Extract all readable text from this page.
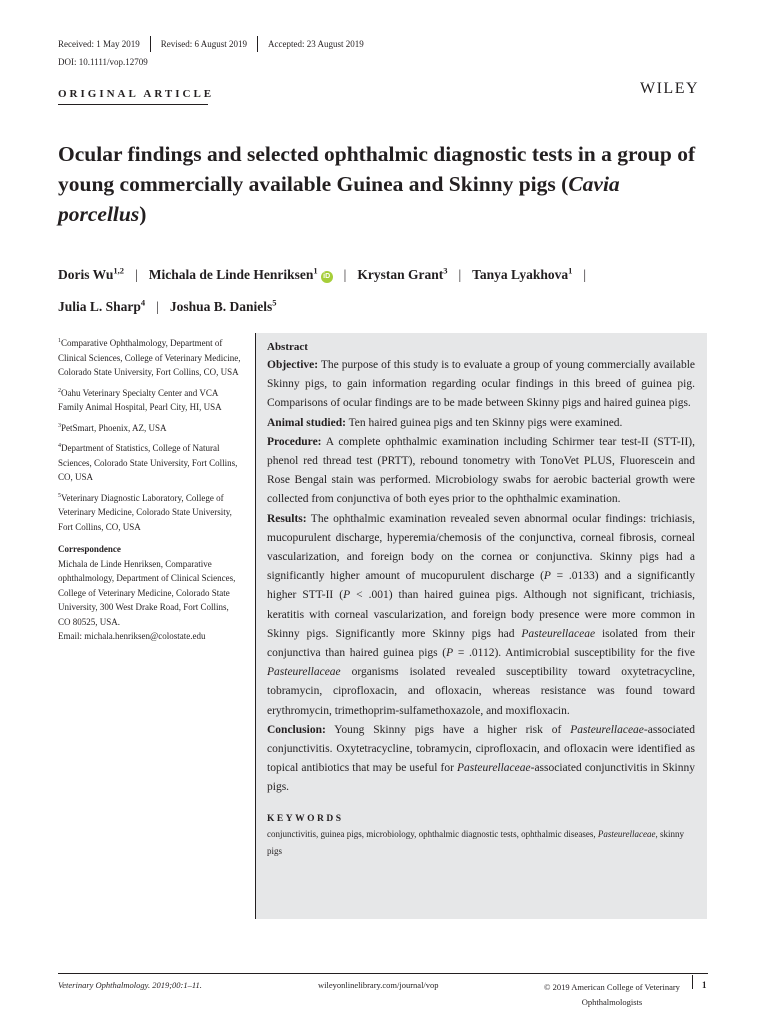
Received: 1 May 2019	Revised: 6 August 2019	Accepted: 23 August 2019
DOI: 10.1111/vop.12709
ORIGINAL ARTICLE	WILEY
Ocular findings and selected ophthalmic diagnostic tests in a group of young commercially available Guinea and Skinny pigs (Cavia porcellus)
Doris Wu$^{1,2}$ | Michala de Linde Henriksen$^1$iD | Krystan Grant$^3$ | Tanya Lyakhova$^1$ |
Julia L. Sharp$^4$ | Joshua B. Daniels$^5$
$^1$Comparative Ophthalmology, Department of Clinical Sciences, College of Veterinary Medicine, Colorado State University, Fort Collins, CO, USA
$^2$Oahu Veterinary Specialty Center and VCA Family Animal Hospital, Pearl City, HI, USA
$^3$PetSmart, Phoenix, AZ, USA
$^4$Department of Statistics, College of Natural Sciences, Colorado State University, Fort Collins, CO, USA
$^5$Veterinary Diagnostic Laboratory, College of Veterinary Medicine, Colorado State University, Fort Collins, CO, USA
Correspondence
Michala de Linde Henriksen, Comparative ophthalmology, Department of Clinical Sciences, College of Veterinary Medicine, Colorado State University, 300 West Drake Road, Fort Collins, CO 80525, USA.
Email: michala.henriksen@colostate.edu
Abstract

Objective: The purpose of this study is to evaluate a group of young commercially available Skinny pigs, to gain information regarding ocular findings in this breed of guinea pig. Comparisons of ocular findings are to be made between Skinny pigs and haired guinea pigs.

Animal studied: Ten haired guinea pigs and ten Skinny pigs were examined.

Procedure: A complete ophthalmic examination including Schirmer tear test-II (STT-II), phenol red thread test (PRTT), rebound tonometry with TonoVet PLUS, Fluorescein and Rose Bengal stain was performed. Microbiology swabs for aerobic bacterial growth were collected from conjunctiva of both eyes prior to the ophthalmic examination.

Results: The ophthalmic examination revealed seven abnormal ocular findings: trichiasis, mucopurulent discharge, hyperemia/chemosis of the conjunctiva, corneal fibrosis, corneal vascularization, and foreign body on the cornea or conjunctiva. Skinny pigs had a significantly higher amount of mucopurulent discharge (P = .0133) and a significantly higher STT-II (P < .001) than haired guinea pigs. Although not significant, trichiasis, keratitis with corneal vascularization, and foreign body presence were more common in Skinny pigs. Significantly more Skinny pigs had Pasteurellaceae isolated from their conjunctiva than haired guinea pigs (P = .0112). Antimicrobial susceptibility for the five Pasteurellaceae organisms isolated revealed susceptibility toward oxytetracycline, tobramycin, ciprofloxacin, and ofloxacin, whereas resistance was found toward erythromycin, trimethoprim-sulfamethoxazole, and moxifloxacin.

Conclusion: Young Skinny pigs have a higher risk of Pasteurellaceae-associated conjunctivitis. Oxytetracycline, tobramycin, ciprofloxacin, and ofloxacin were identified as topical antibiotics that may be useful for Pasteurellaceae-associated conjunctivitis in Skinny pigs.

KEYWORDS
conjunctivitis, guinea pigs, microbiology, ophthalmic diagnostic tests, ophthalmic diseases, Pasteurellaceae, skinny pigs
Veterinary Ophthalmology. 2019;00:1–11.	wileyonlinelibrary.com/journal/vop	© 2019 American College of Veterinary Ophthalmologists
1
